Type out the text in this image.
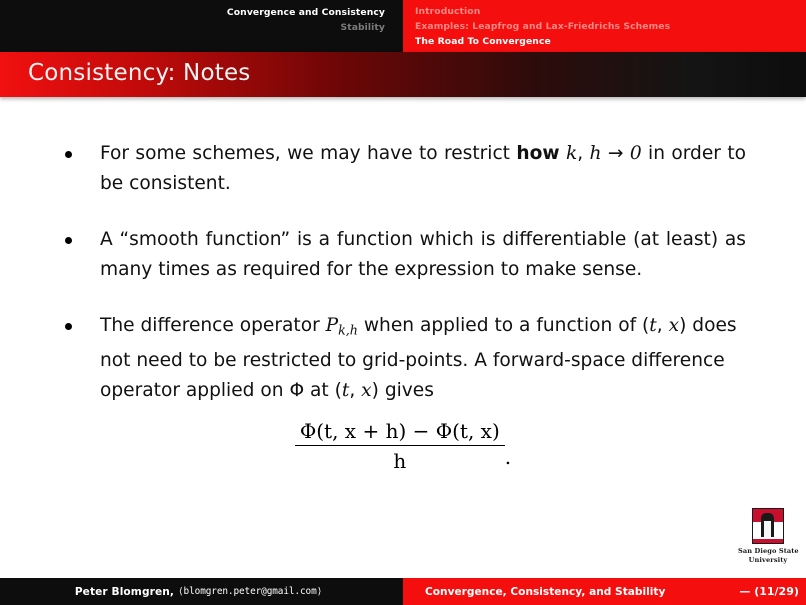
Convergence and Consistency
Stability
Introduction
Examples: Leapfrog and Lax-Friedrichs Schemes
The Road To Convergence
Consistency: Notes
For some schemes, we may have to restrict how k, h → 0 in order to be consistent.
A “smooth function” is a function which is differentiable (at least) as many times as required for the expression to make sense.
The difference operator $P_{k,h}$ when applied to a function of (t, x) does not need to be restricted to grid-points. A forward-space difference operator applied on Φ at (t, x) gives
$\frac{\Phi(t, x + h) - \Phi(t, x)}{h}$ .
San Diego State
University
Peter Blomgren, ⟨blomgren.peter@gmail.com⟩	Convergence, Consistency, and Stability	— (11/29)
